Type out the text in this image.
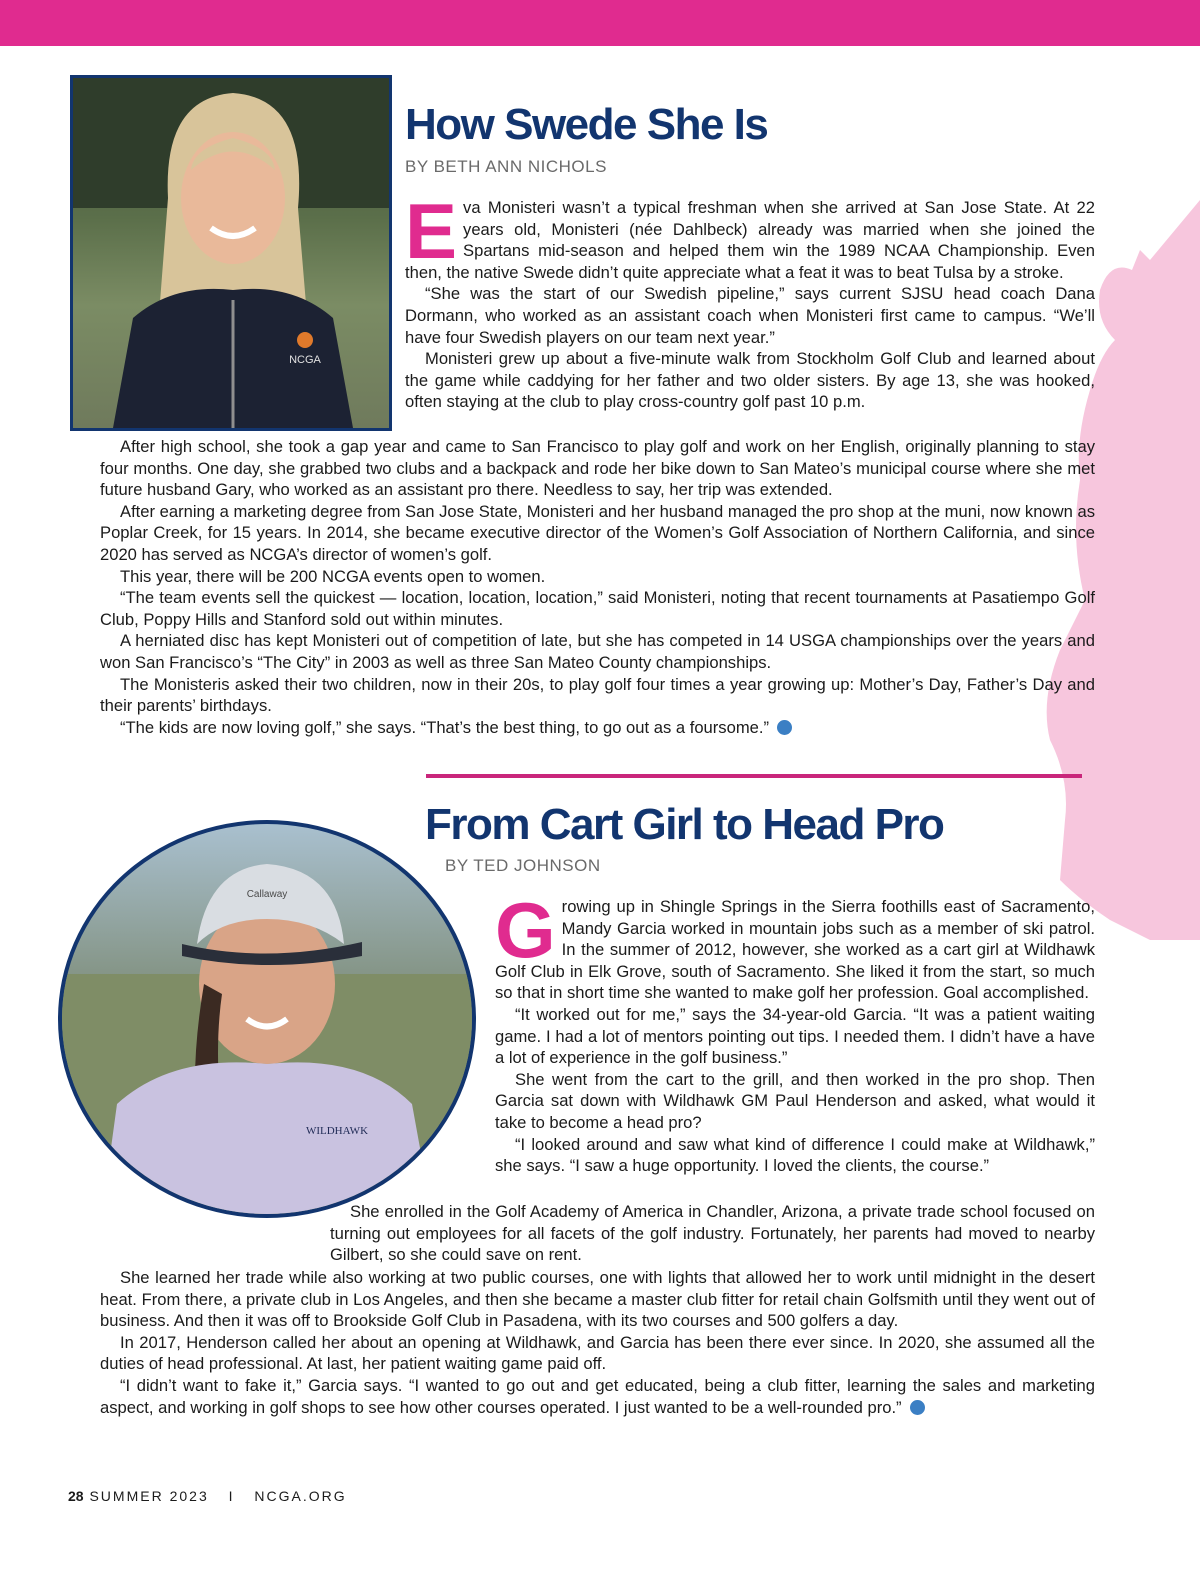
NCGA
How Swede She Is
BY BETH ANN NICHOLS

Eva Monisteri wasn’t a typical freshman when she arrived at San Jose State. At 22 years old, Monisteri (née Dahlbeck) already was married when she joined the Spartans mid-season and helped them win the 1989 NCAA Championship. Even then, the native Swede didn’t quite appreciate what a feat it was to beat Tulsa by a stroke.

“She was the start of our Swedish pipeline,” says current SJSU head coach Dana Dormann, who worked as an assistant coach when Monisteri first came to campus. “We’ll have four Swedish players on our team next year.”

Monisteri grew up about a five-minute walk from Stockholm Golf Club and learned about the game while caddying for her father and two older sisters. By age 13, she was hooked, often staying at the club to play cross-country golf past 10 p.m.

After high school, she took a gap year and came to San Francisco to play golf and work on her English, originally planning to stay four months. One day, she grabbed two clubs and a backpack and rode her bike down to San Mateo’s municipal course where she met future husband Gary, who worked as an assistant pro there. Needless to say, her trip was extended.

After earning a marketing degree from San Jose State, Monisteri and her husband managed the pro shop at the muni, now known as Poplar Creek, for 15 years. In 2014, she became executive director of the Women’s Golf Association of Northern California, and since 2020 has served as NCGA’s director of women’s golf.

This year, there will be 200 NCGA events open to women.

“The team events sell the quickest — location, location, location,” said Monisteri, noting that recent tournaments at Pasatiempo Golf Club, Poppy Hills and Stanford sold out within minutes.

A herniated disc has kept Monisteri out of competition of late, but she has competed in 14 USGA championships over the years and won San Francisco’s “The City” in 2003 as well as three San Mateo County championships.

The Monisteris asked their two children, now in their 20s, to play golf four times a year growing up: Mother’s Day, Father’s Day and their parents’ birthdays.

“The kids are now loving golf,” she says. “That’s the best thing, to go out as a foursome.”

Callaway
WILDHAWK
From Cart Girl to Head Pro
BY TED JOHNSON

Growing up in Shingle Springs in the Sierra foothills east of Sacramento, Mandy Garcia worked in mountain jobs such as a member of ski patrol. In the summer of 2012, however, she worked as a cart girl at Wildhawk Golf Club in Elk Grove, south of Sacramento. She liked it from the start, so much so that in short time she wanted to make golf her profession. Goal accomplished.

“It worked out for me,” says the 34-year-old Garcia. “It was a patient waiting game. I had a lot of mentors pointing out tips. I needed them. I didn’t have a have a lot of experience in the golf business.”

She went from the cart to the grill, and then worked in the pro shop. Then Garcia sat down with Wildhawk GM Paul Henderson and asked, what would it take to become a head pro?

“I looked around and saw what kind of difference I could make at Wildhawk,” she says. “I saw a huge opportunity. I loved the clients, the course.”

She enrolled in the Golf Academy of America in Chandler, Arizona, a private trade school focused on turning out employees for all facets of the golf industry. Fortunately, her parents had moved to nearby Gilbert, so she could save on rent.

She learned her trade while also working at two public courses, one with lights that allowed her to work until midnight in the desert heat. From there, a private club in Los Angeles, and then she became a master club fitter for retail chain Golfsmith until they went out of business. And then it was off to Brookside Golf Club in Pasadena, with its two courses and 500 golfers a day.

In 2017, Henderson called her about an opening at Wildhawk, and Garcia has been there ever since. In 2020, she assumed all the duties of head professional. At last, her patient waiting game paid off.

“I didn’t want to fake it,” Garcia says. “I wanted to go out and get educated, being a club fitter, learning the sales and marketing aspect, and working in golf shops to see how other courses operated. I just wanted to be a well-rounded pro.”

28 SUMMER 2023 I NCGA.ORG
